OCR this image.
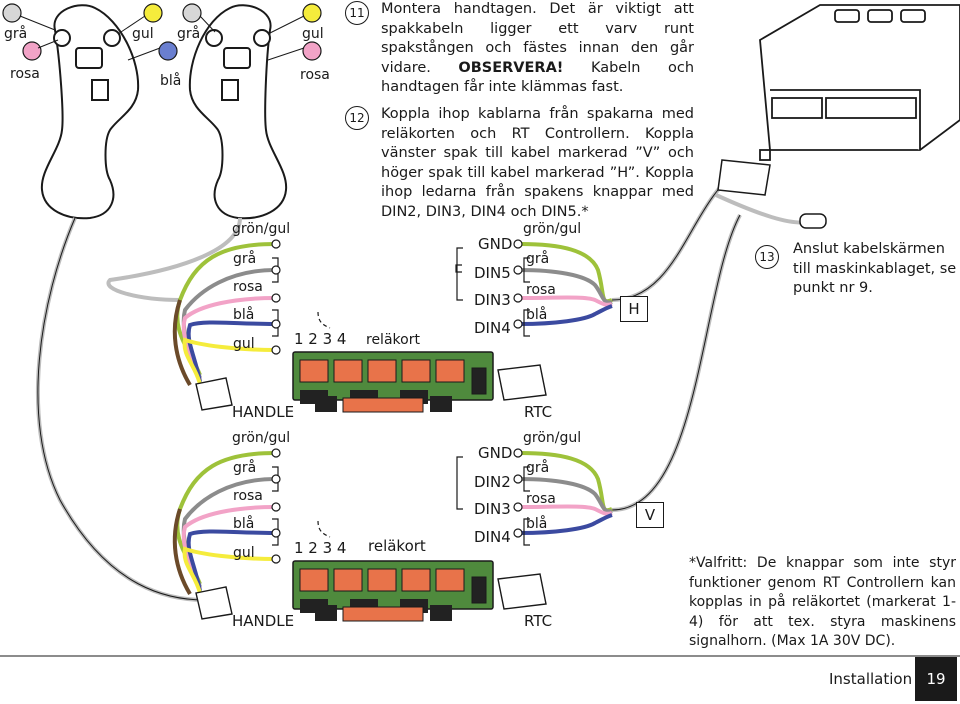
grå
rosa
gul grå
blå
gul
rosa
11	Montera handtagen. Det är viktigt att spakkabeln ligger ett varv runt spakstången och fästes innan den går vidare. OBSERVERA! Kabeln och handtagen får inte klämmas fast.
12	Koppla ihop kablarna från spakarna med reläkorten och RT Controllern. Koppla vänster spak till kabel markerad ”V” och höger spak till kabel markerad ”H”. Koppla ihop ledarna från spakens knappar med DIN2, DIN3, DIN4 och DIN5.*
13	Anslut kabelskärmen till maskinkablaget, se punkt nr 9.
grön/gul
grå
rosa
blå
gul	1 2 3 4 reläkort
GND
DIN5
DIN3
DIN4
grön/gul
grå
rosa
blå
HANDLE	RTC
H
grön/gul
grå
rosa
blå
gul	1 2 3 4 reläkort
GND
DIN2
DIN3
DIN4
grön/gul
grå
rosa
blå
HANDLE	RTC
V
*Valfritt: De knappar som inte styr funktioner genom RT Controllern kan kopplas in på reläkortet (markerat 1-4) för att tex. styra maskinens signalhorn. (Max 1A 30V DC).
Installation 19
